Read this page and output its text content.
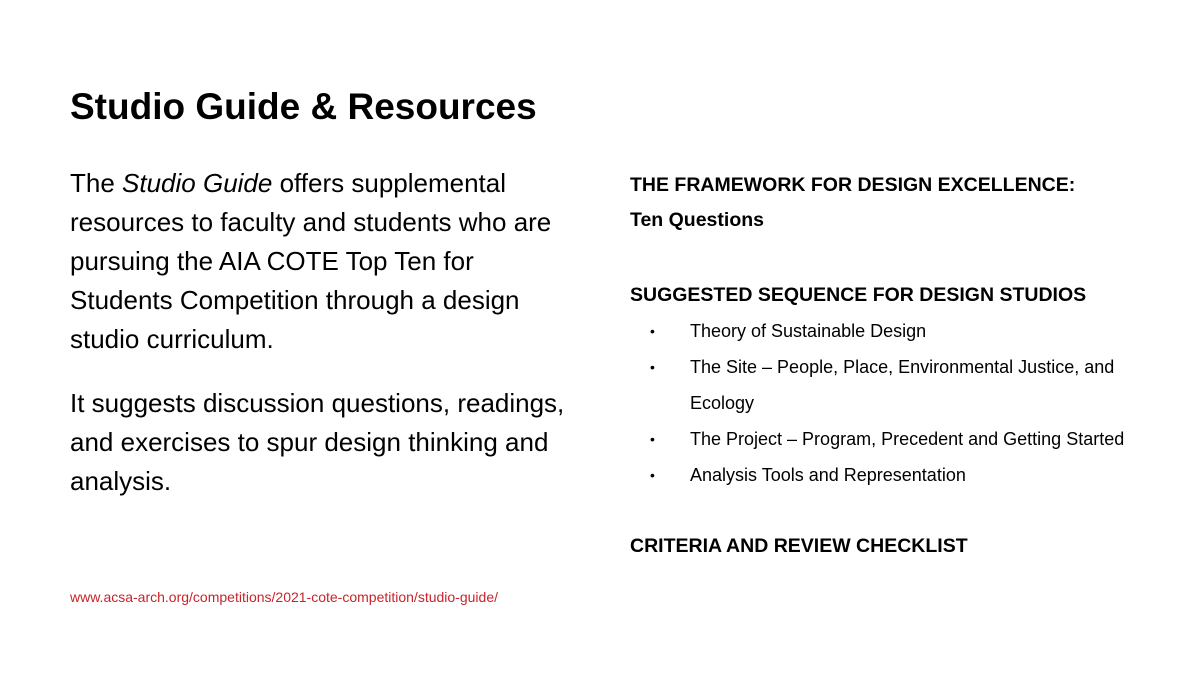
Studio Guide & Resources

The Studio Guide offers supplemental resources to faculty and students who are pursuing the AIA COTE Top Ten for Students Competition through a design studio curriculum.

It suggests discussion questions, readings, and exercises to spur design thinking and analysis.

www.acsa-arch.org/competitions/2021-cote-competition/studio-guide/
THE FRAMEWORK FOR DESIGN EXCELLENCE:
Ten Questions
SUGGESTED SEQUENCE FOR DESIGN STUDIOS
• Theory of Sustainable Design
• The Site – People, Place, Environmental Justice, and Ecology
• The Project – Program, Precedent and Getting Started
• Analysis Tools and Representation
CRITERIA AND REVIEW CHECKLIST
